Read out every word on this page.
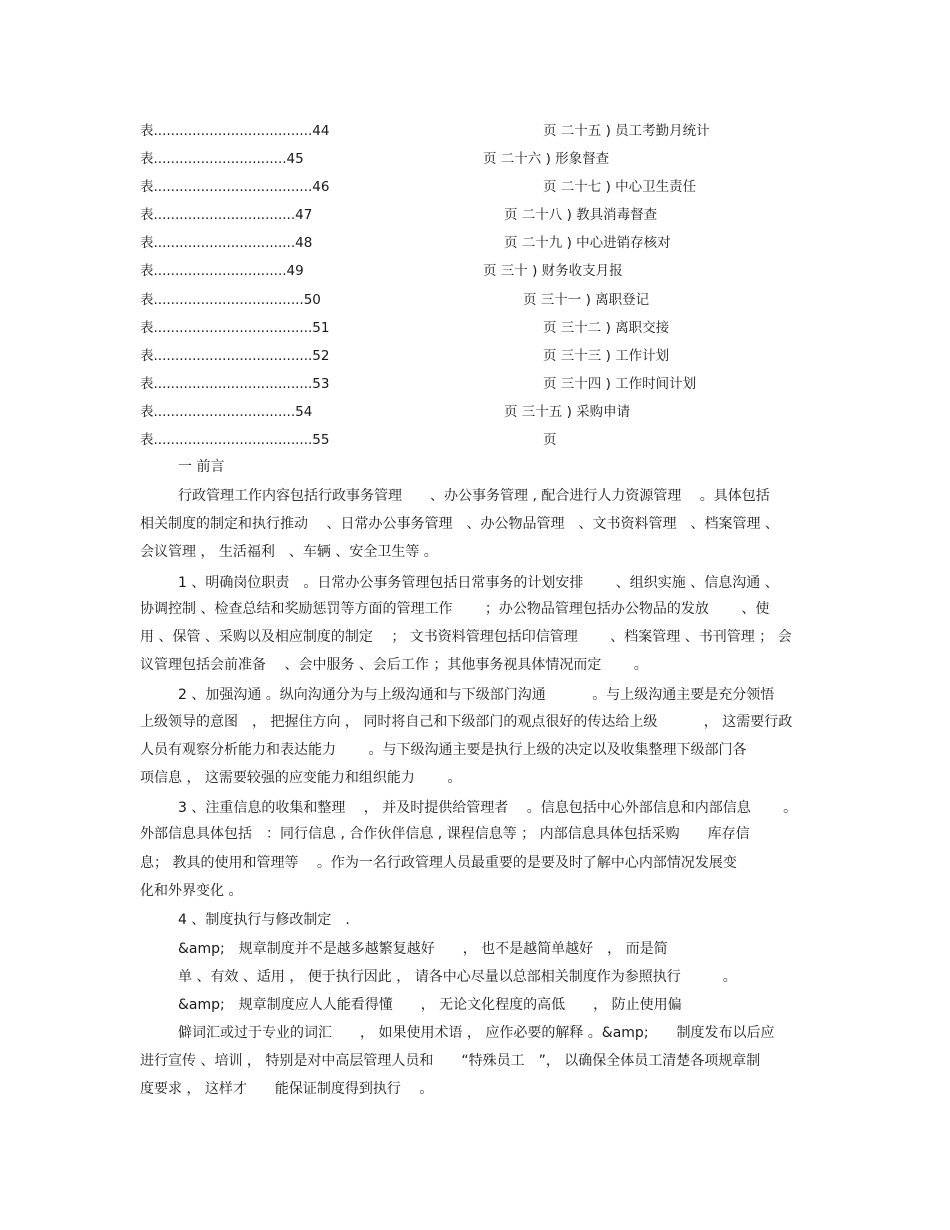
表.....................................44
表...............................45
表.....................................46
表.................................47
表.................................48
表...............................49
表...................................50
表.....................................51
表.....................................52
表.....................................53
表.................................54
表.....................................55
页 二十五 ) 员工考勤月统计
页 二十六 ) 形象督查
页 二十七 ) 中心卫生责任
页 二十八 ) 教具消毒督查
页 二十九 ) 中心进销存核对
页 三十 ) 财务收支月报
页 三十一 ) 离职登记
页 三十二 ) 离职交接
页 三十三 ) 工作计划
页 三十四 ) 工作时间计划
页 三十五 ) 采购申请
页
一 前言
行政管理工作内容包括行政事务管理　　、办公事务管理 , 配合进行人力资源管理　 。具体包括
相关制度的制定和执行推动　 、日常办公事务管理　、办公物品管理　、文书资料管理　、档案管理 、
会议管理 ， 生活福利　、车辆 、安全卫生等 。
1 、明确岗位职责　。日常办公事务管理包括日常事务的计划安排　　 、组织实施 、信息沟通 、
协调控制 、检查总结和奖励惩罚等方面的管理工作　　 ；办公物品管理包括办公物品的发放　　 、使
用 、保管 、采购以及相应制度的制定　 ； 文书资料管理包括印信管理　　 、档案管理 、书刊管理 ； 会
议管理包括会前准备　 、会中服务 、会后工作 ；其他事务视具体情况而定　　 。
2 、加强沟通 。纵向沟通分为与上级沟通和与下级部门沟通　　　 。与上级沟通主要是充分领悟
上级领导的意图　， 把握住方向 ， 同时将自己和下级部门的观点很好的传达给上级　　　 ， 这需要行政
人员有观察分析能力和表达能力　　 。与下级沟通主要是执行上级的决定以及收集整理下级部门各
项信息 ， 这需要较强的应变能力和组织能力　　 。
3 、注重信息的收集和整理　 ， 并及时提供给管理者　 。信息包括中心外部信息和内部信息　　 。
外部信息具体包括　：同行信息 , 合作伙伴信息 , 课程信息等 ； 内部信息具体包括采购　　库存信
息； 教具的使用和管理等　 。作为一名行政管理人员最重要的是要及时了解中心内部情况发展变
化和外界变化 。
4 、制度执行与修改制定　.
&amp;　规章制度并不是越多越繁复越好　　， 也不是越简单越好　， 而是简
单 、有效 、适用 ， 便于执行因此 ， 请各中心尽量以总部相关制度作为参照执行　　　。
&amp;　规章制度应人人能看得懂　　， 无论文化程度的高低　　， 防止使用偏
僻词汇或过于专业的词汇　　， 如果使用术语 ， 应作必要的解释 。&amp;　　制度发布以后应
进行宣传 、培训 ， 特别是对中高层管理人员和　　“特殊员工　”， 以确保全体员工清楚各项规章制
度要求 ， 这样才　　能保证制度得到执行　 。
